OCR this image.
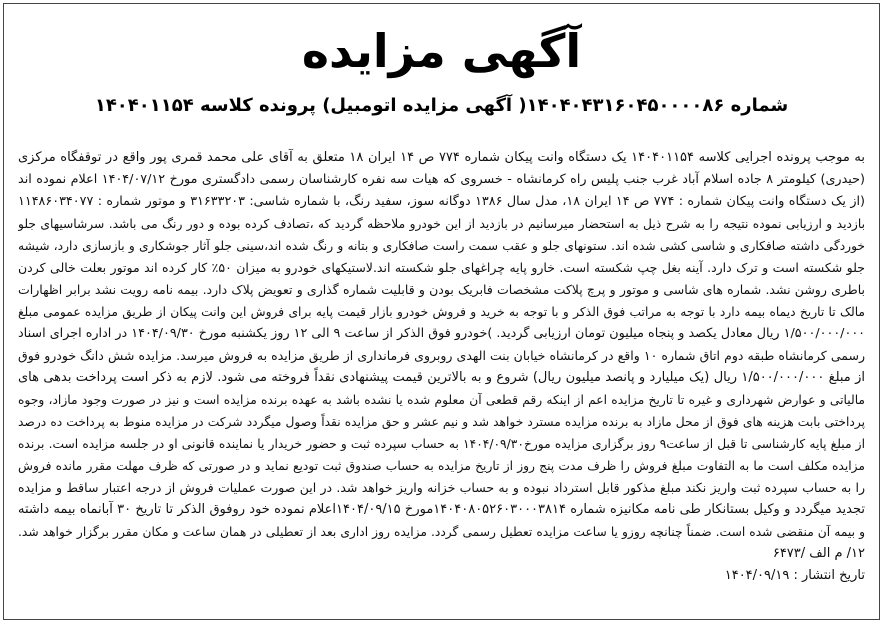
آگهی مزایده
شماره ۱۴۰۴۰۴۳۱۶۰۴۵۰۰۰۰۸۶( آگهی مزایده اتومبیل) پرونده کلاسه ۱۴۰۴۰۱۱۵۴
به موجب پرونده اجرایی کلاسه ۱۴۰۴۰۱۱۵۴ یک دستگاه وانت پیکان شماره ۷۷۴ ص ۱۴ ایران ۱۸ متعلق به آقای علی محمد قمری پور واقع در توقفگاه مرکزی
(حیدری) کیلومتر ۸ جاده اسلام آباد غرب جنب پلیس راه کرمانشاه - خسروی که هیات سه نفره کارشناسان رسمی دادگستری مورخ ۱۴۰۴/۰۷/۱۲ اعلام نموده اند
(از یک دستگاه وانت پیکان شماره : ۷۷۴ ص ۱۴ ایران ۱۸، مدل سال ۱۳۸۶ دوگانه سوز، سفید رنگ، با شماره شاسی: ۳۱۶۳۳۲۰۳ و موتور شماره : ۱۱۴۸۶۰۳۴۰۷۷
بازدید و ارزیابی نموده نتیجه را به شرح ذیل به استحضار میرسانیم در بازدید از این خودرو ملاحظه گردید که ،تصادف کرده بوده و دور رنگ می باشد. سرشاسیهای جلو
خوردگی داشته صافکاری و شاسی کشی شده اند. ستونهای جلو و عقب سمت راست صافکاری و بتانه و رنگ شده اند،سینی جلو آثار جوشکاری و بازسازی دارد، شیشه
جلو شکسته است و ترک دارد. آینه بغل چپ شکسته است. خارو پایه چراغهای جلو شکسته اند.لاستیکهای خودرو به میزان ۵۰٪ کار کرده اند موتور بعلت خالی کردن
باطری روشن نشد. شماره های شاسی و موتور و پرچ پلاکت مشخصات فابریک بودن و قابلیت شماره گذاری و تعویض پلاک دارد. بیمه نامه رویت نشد برابر اظهارات
مالک تا تاریخ دیماه بیمه دارد با توجه به مراتب فوق الذکر و با توجه به خرید و فروش خودرو بازار قیمت پایه برای فروش این وانت پیکان از طریق مزایده عمومی مبلغ
۱/۵۰۰/۰۰۰/۰۰۰ ریال معادل یکصد و پنجاه میلیون تومان ارزیابی گردید. )خودرو فوق الذکر از ساعت ۹ الی ۱۲ روز یکشنبه مورخ ۱۴۰۴/۰۹/۳۰ در اداره اجرای اسناد
رسمی کرمانشاه طبقه دوم اتاق شماره ۱۰ واقع در کرمانشاه خیابان بنت الهدی روبروی فرمانداری از طریق مزایده به فروش میرسد. مزایده شش دانگ خودرو فوق
از مبلغ ۱/۵۰۰/۰۰۰/۰۰۰ ریال (یک میلیارد و پانصد میلیون ریال) شروع و به بالاترین قیمت پیشنهادی نقداً فروخته می شود. لازم به ذکر است پرداخت بدهی های
مالیاتی و عوارض شهرداری و غیره تا تاریخ مزایده اعم از اینکه رقم قطعی آن معلوم شده یا نشده باشد به عهده برنده مزایده است و نیز در صورت وجود مازاد، وجوه
پرداختی بابت هزینه های فوق از محل مازاد به برنده مزایده مسترد خواهد شد و نیم عشر و حق مزایده نقداً وصول میگردد شرکت در مزایده منوط به پرداخت ده درصد
از مبلغ پایه کارشناسی تا قبل از ساعت۹ روز برگزاری مزایده مورخ۱۴۰۴/۰۹/۳۰ به حساب سپرده ثبت و حضور خریدار یا نماینده قانونی او در جلسه مزایده است. برنده
مزایده مکلف است ما به التفاوت مبلغ فروش را ظرف مدت پنج روز از تاریخ مزایده به حساب صندوق ثبت تودیع نماید و در صورتی که ظرف مهلت مقرر مانده فروش
را به حساب سپرده ثبت واریز نکند مبلغ مذکور قابل استرداد نبوده و به حساب خزانه واریز خواهد شد. در این صورت عملیات فروش از درجه اعتبار ساقط و مزایده
تجدید میگردد و وکیل بستانکار طی نامه مکانیزه شماره ۱۴۰۴۰۸۰۵۲۶۰۳۰۰۰۳۸۱۴مورخ ۱۴۰۴/۰۹/۱۵اعلام نموده خود روفوق الذکر تا تاریخ ۳۰ آبانماه بیمه داشته
و بیمه آن منقضی شده است. ضمناً چنانچه روزو یا ساعت مزایده تعطیل رسمی گردد. مزایده روز اداری بعد از تعطیلی در همان ساعت و مکان مقرر برگزار خواهد شد.
۱۲/ م الف /۶۴۷۳
تاریخ انتشار : ۱۴۰۴/۰۹/۱۹
